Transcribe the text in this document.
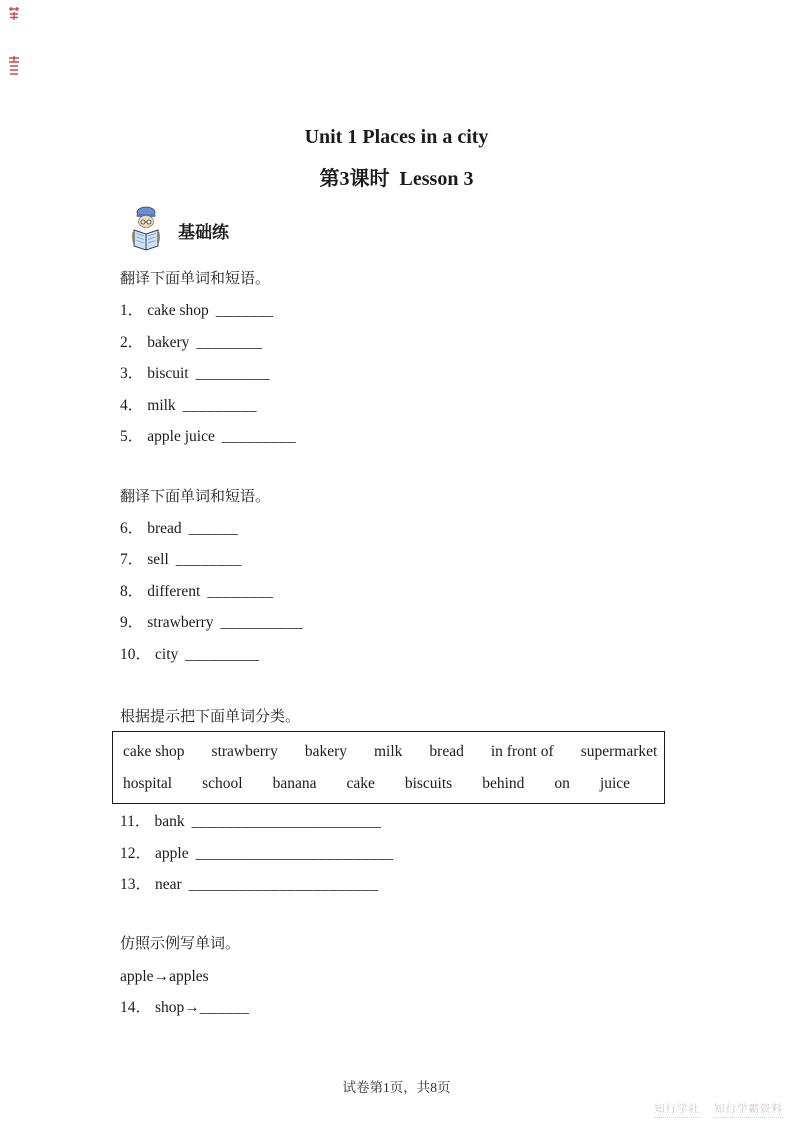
Unit 1 Places in a city
第3课时  Lesson 3
基础练
翻译下面单词和短语。
1． cake shop _______
2． bakery ________
3． biscuit _________
4． milk _________
5． apple juice _________
翻译下面单词和短语。
6． bread ______
7． sell ________
8． different ________
9． strawberry __________
10． city _________
根据提示把下面单词分类。
cake shop strawberry bakery milk bread in front of supermarket
hospital school banana cake biscuits behind on juice
11． bank _______________________
12． apple ________________________
13． near _______________________
仿照示例写单词。
apple→apples
14． shop→______
试卷第1页，共8页
知行学社 知行学霸资料
